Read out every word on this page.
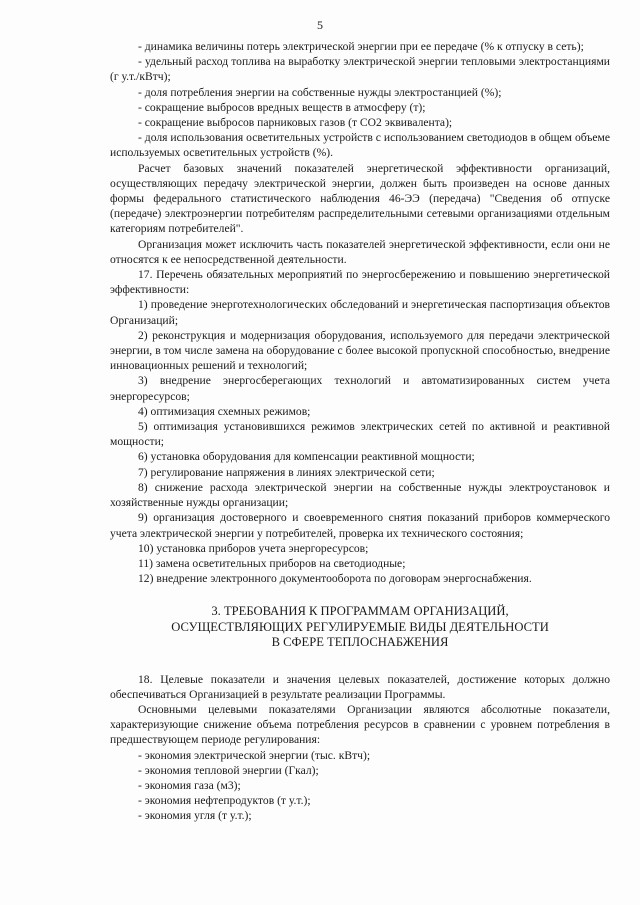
5

- динамика величины потерь электрической энергии при ее передаче (% к отпуску в сеть);

- удельный расход топлива на выработку электрической энергии тепловыми электростанциями (г у.т./кВтч);

- доля потребления энергии на собственные нужды электростанцией (%);

- сокращение выбросов вредных веществ в атмосферу (т);

- сокращение выбросов парниковых газов (т СО2 эквивалента);

- доля использования осветительных устройств с использованием светодиодов в общем объеме используемых осветительных устройств (%).

Расчет базовых значений показателей энергетической эффективности организаций, осуществляющих передачу электрической энергии, должен быть произведен на основе данных формы федерального статистического наблюдения 46-ЭЭ (передача) "Сведения об отпуске (передаче) электроэнергии потребителям распределительными сетевыми организациями отдельным категориям потребителей".

Организация может исключить часть показателей энергетической эффективности, если они не относятся к ее непосредственной деятельности.

17. Перечень обязательных мероприятий по энергосбережению и повышению энергетической эффективности:

1) проведение энерготехнологических обследований и энергетическая паспортизация объектов Организаций;

2) реконструкция и модернизация оборудования, используемого для передачи электрической энергии, в том числе замена на оборудование с более высокой пропускной способностью, внедрение инновационных решений и технологий;

3) внедрение энергосберегающих технологий и автоматизированных систем учета энергоресурсов;

4) оптимизация схемных режимов;

5) оптимизация установившихся режимов электрических сетей по активной и реактивной мощности;

6) установка оборудования для компенсации реактивной мощности;

7) регулирование напряжения в линиях электрической сети;

8) снижение расхода электрической энергии на собственные нужды электроустановок и хозяйственные нужды организации;

9) организация достоверного и своевременного снятия показаний приборов коммерческого учета электрической энергии у потребителей, проверка их технического состояния;

10) установка приборов учета энергоресурсов;

11) замена осветительных приборов на светодиодные;

12) внедрение электронного документооборота по договорам энергоснабжения.

3. ТРЕБОВАНИЯ К ПРОГРАММАМ ОРГАНИЗАЦИЙ,
ОСУЩЕСТВЛЯЮЩИХ РЕГУЛИРУЕМЫЕ ВИДЫ ДЕЯТЕЛЬНОСТИ
В СФЕРЕ ТЕПЛОСНАБЖЕНИЯ

18. Целевые показатели и значения целевых показателей, достижение которых должно обеспечиваться Организацией в результате реализации Программы.

Основными целевыми показателями Организации являются абсолютные показатели, характеризующие снижение объема потребления ресурсов в сравнении с уровнем потребления в предшествующем периоде регулирования:

- экономия электрической энергии (тыс. кВтч);

- экономия тепловой энергии (Гкал);

- экономия газа (м3);

- экономия нефтепродуктов (т у.т.);

- экономия угля (т у.т.);
